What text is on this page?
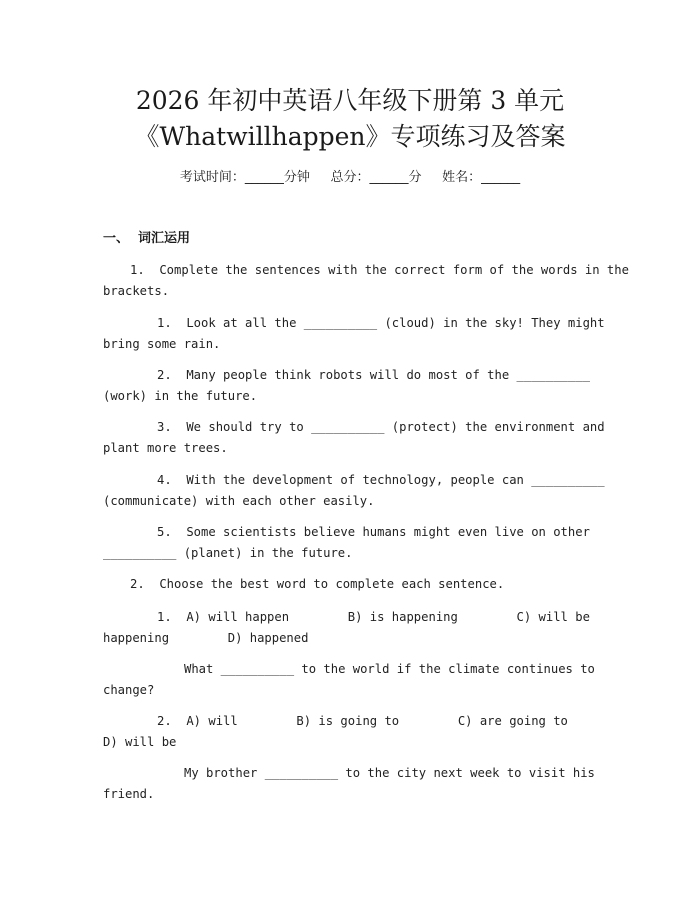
2026 年初中英语八年级下册第 3 单元
《Whatwillhappen》专项练习及答案
考试时间：______分钟     总分：______分     姓名：______
一、  词汇运用
1.  Complete the sentences with the correct form of the words in the
brackets.
1.  Look at all the __________ (cloud) in the sky! They might
bring some rain.
2.  Many people think robots will do most of the __________
(work) in the future.
3.  We should try to __________ (protect) the environment and
plant more trees.
4.  With the development of technology, people can __________
(communicate) with each other easily.
5.  Some scientists believe humans might even live on other
__________ (planet) in the future.
2.  Choose the best word to complete each sentence.
1.  A) will happen        B) is happening        C) will be
happening        D) happened
What __________ to the world if the climate continues to
change?
2.  A) will        B) is going to        C) are going to
D) will be
My brother __________ to the city next week to visit his
friend.
